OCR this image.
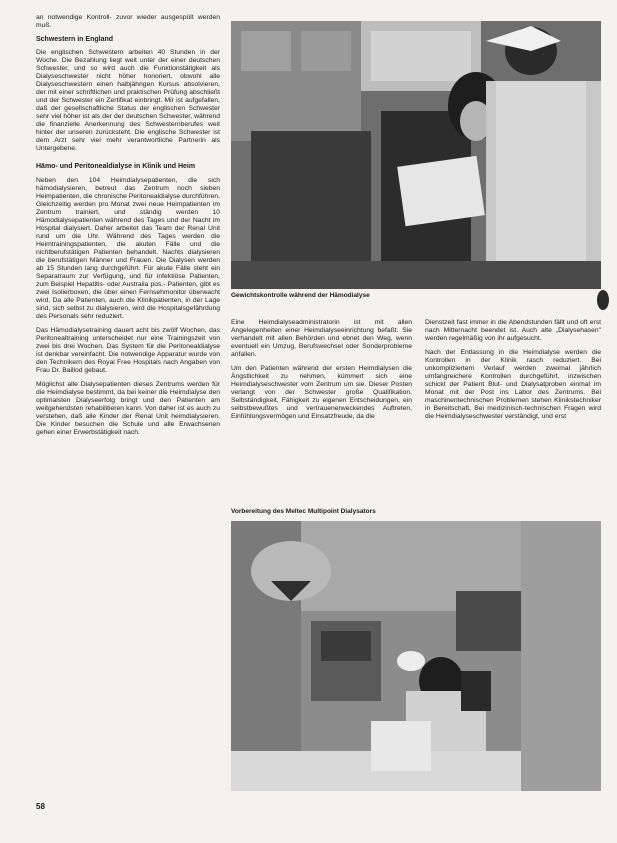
an notwendige Kontroll- zuvor wieder ausgespült werden muß.

Schwestern in England

Die englischen Schwestern arbeiten 40 Stunden in der Woche. Die Bezahlung liegt weit unter der einer deutschen Schwester, und so wird auch die Funktionstätigkeit als Dialyseschwester nicht höher honoriert, obwohl alle Dialyseschwestern einen halbjährigen Kursus absolvieren, der mit einer schriftlichen und praktischen Prüfung abschließt und der Schwester ein Zertifikat einbringt. Mir ist aufgefallen, daß der gesellschaftliche Status der englischen Schwester sehr viel höher ist als der der deutschen Schwester, während die finanzielle Anerkennung des Schwesternberufes weit hinter der unseren zurücksteht. Die englische Schwester ist dem Arzt sehr viel mehr verantwortliche Partnerin als Untergebene.

Hämo- und Peritonealdialyse in Klinik und Heim

Neben den 104 Heimdialysepatienten, die sich hämodialysieren, betreut das Zentrum noch sieben Heimpatienten, die chronische Peritonealdialyse durchführen. Gleichzeitig werden pro Monat zwei neue Heimpatienten im Zentrum trainiert, und ständig werden 10 Hämodialysepatienten während des Tages und der Nacht im Hospital dialysiert. Daher arbeitet das Team der Renal Unit rund um die Uhr. Während des Tages werden die Heimtrainingspatienten, die akuten Fälle und die nichtberufstätigen Patienten behandelt. Nachts dialysieren die berufstätigen Männer und Frauen. Die Dialysen werden ab 15 Stunden lang durchgeführt. Für akute Fälle steht ein Separatraum zur Verfügung, und für infektiöse Patienten, zum Beispiel Hepatitis- oder Australia pos.- Patienten, gibt es zwei Isolierboxen, die über einen Fernsehmonitor überwacht wird. Da alle Patienten, auch die Klinikpatienten, in der Lage sind, sich selbst zu dialysieren, wird die Hospitalsgefährdung des Personals sehr reduziert.

Das Hämodialysetraining dauert acht bis zwölf Wochen, das Peritonealtraining unterscheidet nur eine Trainingszeit von zwei bis drei Wochen. Das System für die Peritonealdialyse ist denkbar vereinfacht. Die notwendige Apparatur wurde von den Technikern des Royal Free Hospitals nach Angaben von Frau Dr. Baillod gebaut.

Möglichst alle Dialysepatienten dieses Zentrums werden für die Heimdialyse bestimmt, da bei keiner die Heimdialyse den optimalsten Dialyseerfolg bringt und den Patienten am weitgehendsten rehabilitieren kann. Von daher ist es auch zu verstehen, daß alle Kinder der Renal Unit heimdialysieren. Die Kinder besuchen die Schule und alle Erwachsenen gehen einer Erwerbstätigkeit nach.

Gewichtskontrolle während der Hämodialyse

Eine Heimdialyseadministratorin ist mit allen Angelegenheiten einer Heimdialyseeinrichtung befaßt. Sie verhandelt mit allen Behörden und ebnet den Weg, wenn eventuell ein Umzug, Berufswechsel oder Sonderprobleme anfallen.

Um den Patienten während der ersten Heimdialysen die Ängstlichkeit zu nehmen, kümmert sich eine Heimdialyseschwester vom Zentrum um sie. Dieser Posten verlangt von der Schwester große Qualifikation, Selbständigkeit, Fähigkeit zu eigenen Entscheidungen, ein selbstbewußtes und vertrauenerweckendes Auftreten, Einfühlungsvermögen und Einsatzfreude, da die

Dienstzeit fast immer in die Abendstunden fällt und oft erst nach Mitternacht beendet ist. Auch alte „Dialysehasen" werden regelmäßig von ihr aufgesucht.

Nach der Entlassung in die Heimdialyse werden die Kontrollen in der Klinik rasch reduziert. Bei unkompliziertem Verlauf werden zweimal jährlich umfangreichere Kontrollen durchgeführt, inzwischen schickt der Patient Blut- und Dialysatproben einmal im Monat mit der Post ins Labor des Zentrums. Bei maschinentechnischen Problemen stehen Klinikstechniker in Bereitschaft. Bei medizinisch-technischen Fragen wird die Heimdialyseschwester verständigt, und erst

Vorbereitung des Meltec Multipoint Dialysators
58
